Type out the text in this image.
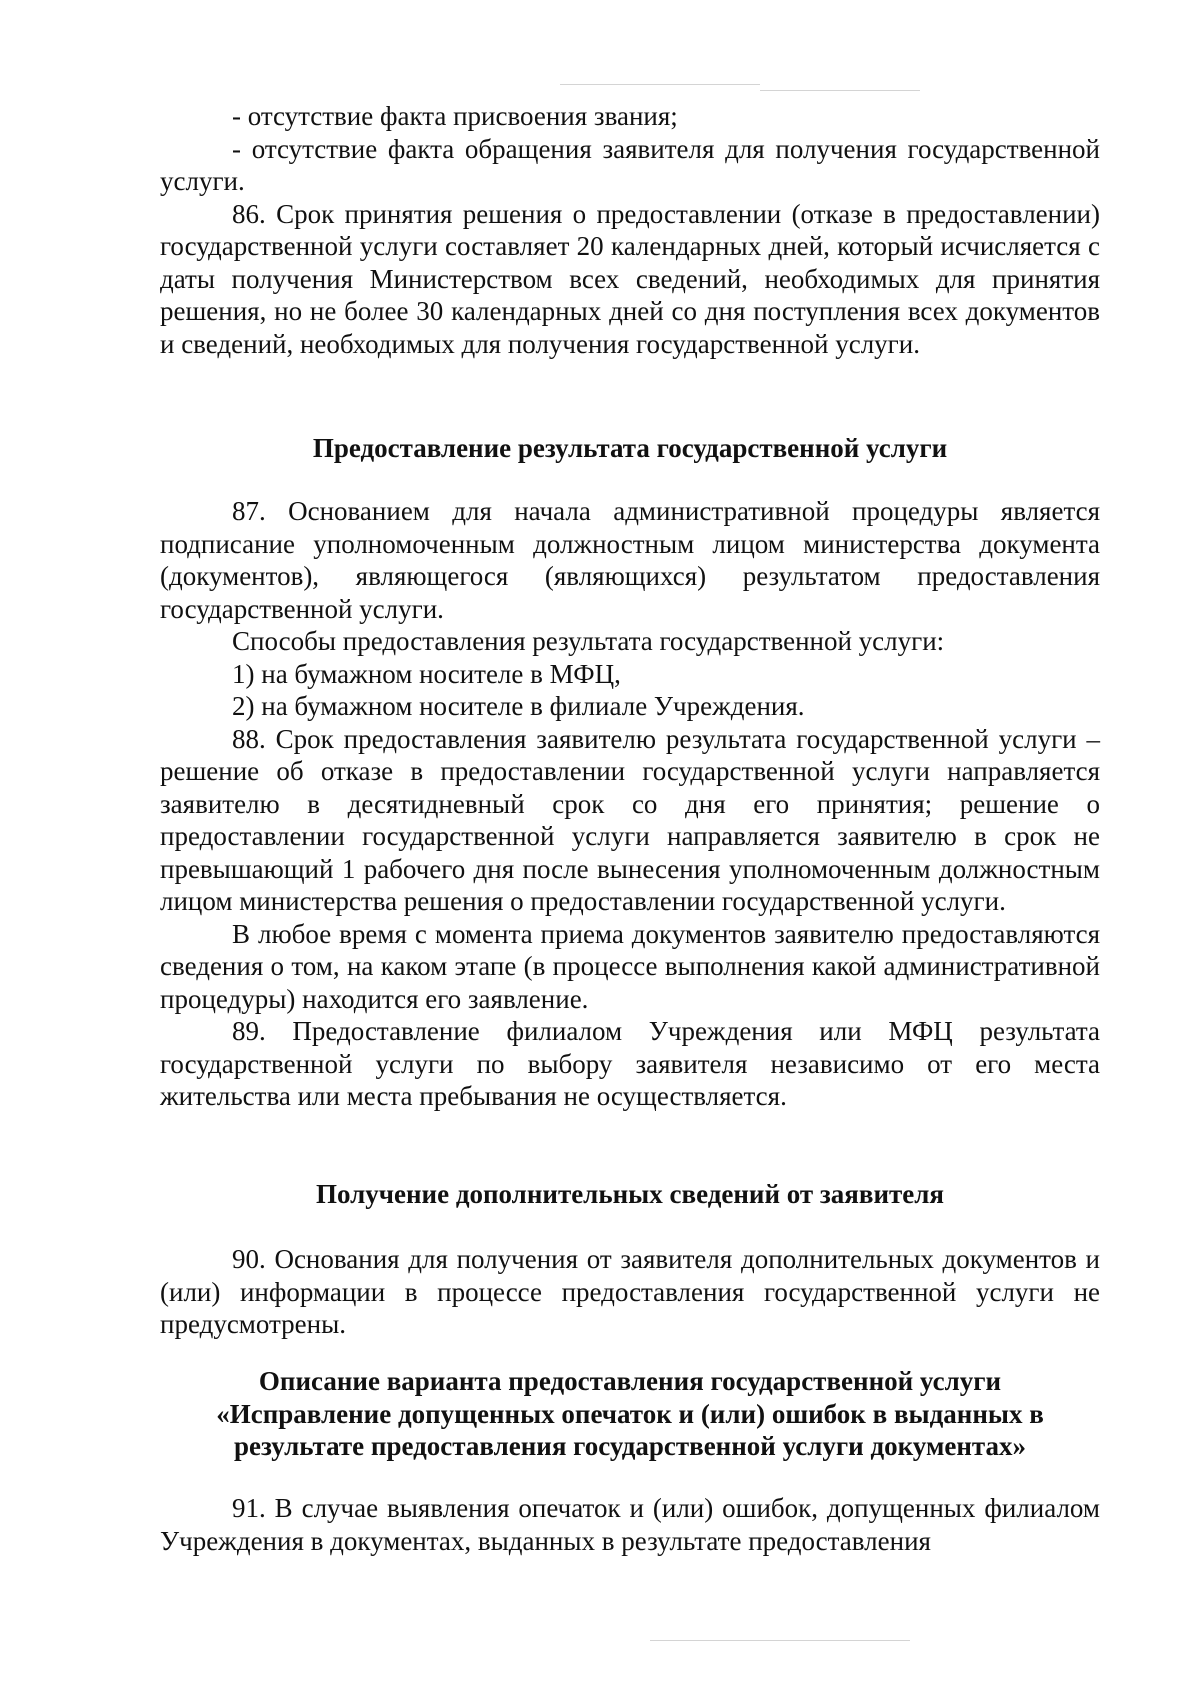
- отсутствие факта присвоения звания;

- отсутствие факта обращения заявителя для получения государственной услуги.

86. Срок принятия решения о предоставлении (отказе в предоставлении) государственной услуги составляет 20 календарных дней, который исчисляется с даты получения Министерством всех сведений, необходимых для принятия решения, но не более 30 календарных дней со дня поступления всех документов и сведений, необходимых для получения государственной услуги.

Предоставление результата государственной услуги

87. Основанием для начала административной процедуры является подписание уполномоченным должностным лицом министерства документа (документов), являющегося (являющихся) результатом предоставления государственной услуги.

Способы предоставления результата государственной услуги:

1) на бумажном носителе в МФЦ,

2) на бумажном носителе в филиале Учреждения.

88. Срок предоставления заявителю результата государственной услуги – решение об отказе в предоставлении государственной услуги направляется заявителю в десятидневный срок со дня его принятия; решение о предоставлении государственной услуги направляется заявителю в срок не превышающий 1 рабочего дня после вынесения уполномоченным должностным лицом министерства решения о предоставлении государственной услуги.

В любое время с момента приема документов заявителю предоставляются сведения о том, на каком этапе (в процессе выполнения какой административной процедуры) находится его заявление.

89. Предоставление филиалом Учреждения или МФЦ результата государственной услуги по выбору заявителя независимо от его места жительства или места пребывания не осуществляется.

Получение дополнительных сведений от заявителя

90. Основания для получения от заявителя дополнительных документов и (или) информации в процессе предоставления государственной услуги не предусмотрены.

Описание варианта предоставления государственной услуги
«Исправление допущенных опечаток и (или) ошибок в выданных в
результате предоставления государственной услуги документах»

91. В случае выявления опечаток и (или) ошибок, допущенных филиалом Учреждения в документах, выданных в результате предоставления
